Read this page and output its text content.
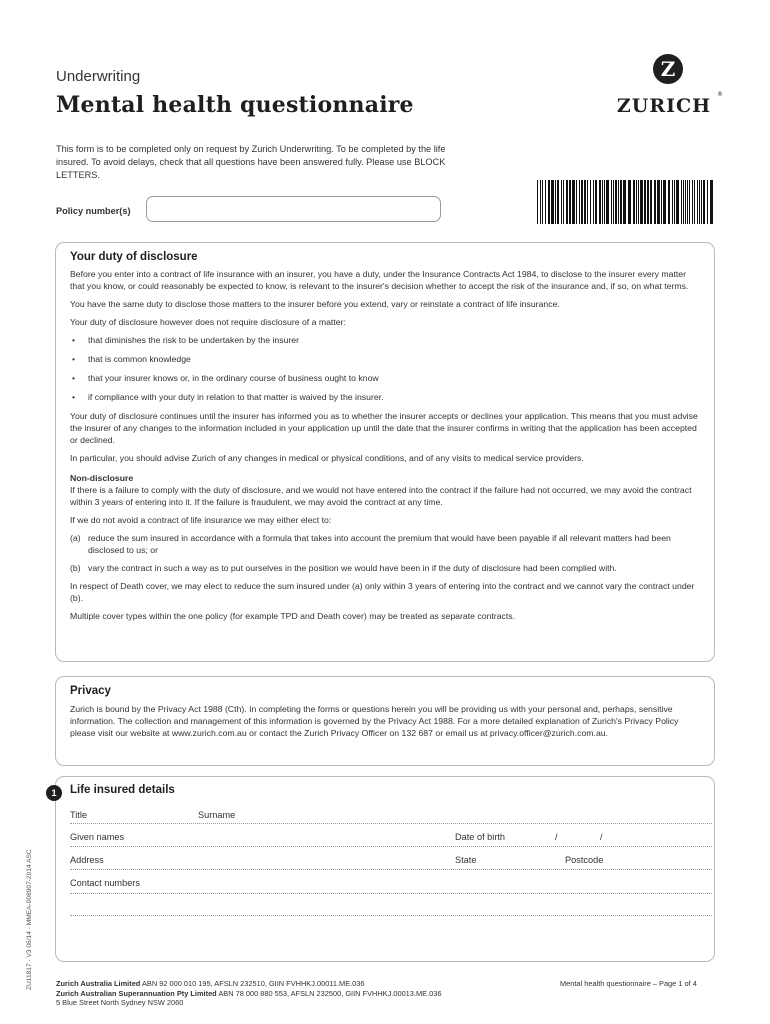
Underwriting
Mental health questionnaire
Z
ZURICH
®
This form is to be completed only on request by Zurich Underwriting. To be completed by the life insured. To avoid delays, check that all questions have been answered fully. Please use BLOCK LETTERS.
Policy number(s)
Your duty of disclosure
Before you enter into a contract of life insurance with an insurer, you have a duty, under the Insurance Contracts Act 1984, to disclose to the insurer every matter that you know, or could reasonably be expected to know, is relevant to the insurer's decision whether to accept the risk of the insurance and, if so, on what terms.
You have the same duty to disclose those matters to the insurer before you extend, vary or reinstate a contract of life insurance.
Your duty of disclosure however does not require disclosure of a matter:
• that diminishes the risk to be undertaken by the insurer
• that is common knowledge
• that your insurer knows or, in the ordinary course of business ought to know
• if compliance with your duty in relation to that matter is waived by the insurer.
Your duty of disclosure continues until the insurer has informed you as to whether the insurer accepts or declines your application. This means that you must advise the insurer of any changes to the information included in your application up until the date that the insurer confirms in writing that the application has been accepted or declined.
In particular, you should advise Zurich of any changes in medical or physical conditions, and of any visits to medical service providers.
Non-disclosure
If there is a failure to comply with the duty of disclosure, and we would not have entered into the contract if the failure had not occurred, we may avoid the contract within 3 years of entering into it. If the failure is fraudulent, we may avoid the contract at any time.
If we do not avoid a contract of life insurance we may either elect to:
(a) reduce the sum insured in accordance with a formula that takes into account the premium that would have been payable if all relevant matters had been disclosed to us; or
(b) vary the contract in such a way as to put ourselves in the position we would have been in if the duty of disclosure had been complied with.
In respect of Death cover, we may elect to reduce the sum insured under (a) only within 3 years of entering into the contract and we cannot vary the contract under (b).
Multiple cover types within the one policy (for example TPD and Death cover) may be treated as separate contracts.
Privacy
Zurich is bound by the Privacy Act 1988 (Cth). In completing the forms or questions herein you will be providing us with your personal and, perhaps, sensitive information. The collection and management of this information is governed by the Privacy Act 1988. For a more detailed explanation of Zurich's Privacy Policy please visit our website at www.zurich.com.au or contact the Zurich Privacy Officer on 132 687 or email us at privacy.officer@zurich.com.au.
1	Life insured details
Title	Surname
Given names	Date of birth	/	/
Address	State	Postcode
Contact numbers
ZU11817 - V3 06/14 - MMEA-008907-2014 ASC	Zurich Australia Limited ABN 92 000 010 195, AFSLN 232510, GIIN FVHHKJ.00011.ME.036
Zurich Australian Superannuation Pty Limited ABN 78 000 880 553, AFSLN 232500, GIIN FVHHKJ.00013.ME.036
5 Blue Street North Sydney NSW 2060
Mental health questionnaire – Page 1 of 4
